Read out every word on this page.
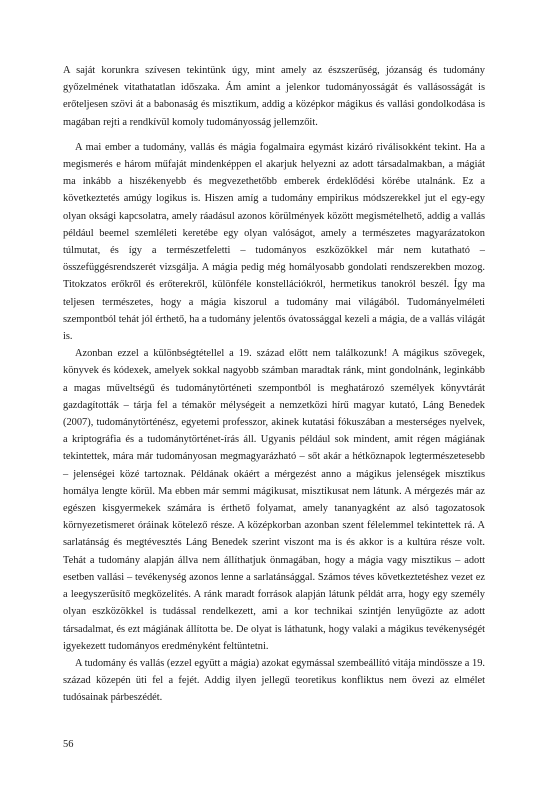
A saját korunkra szívesen tekintünk úgy, mint amely az észszerűség, józanság és tudomány győzelmének vitathatatlan időszaka. Ám amint a jelenkor tudományosságát és vallásosságát is erőteljesen szövi át a babonaság és misztikum, addig a középkor mágikus és vallási gondolkodása is magában rejti a rendkívül komoly tudományosság jellemzőit.

A mai ember a tudomány, vallás és mágia fogalmaira egymást kizáró riválisokként tekint. Ha a megismerés e három műfaját mindenképpen el akarjuk helyezni az adott társadalmakban, a mágiát ma inkább a hiszékenyebb és megvezethetőbb emberek érdeklődési körébe utalnánk. Ez a következtetés amúgy logikus is. Hiszen amíg a tudomány empirikus módszerekkel jut el egy-egy olyan oksági kapcsolatra, amely ráadásul azonos körülmények között megismételhető, addig a vallás például beemel szemléleti keretébe egy olyan valóságot, amely a természetes magyarázatokon túlmutat, és így a természetfeletti – tudományos eszközökkel már nem kutatható – összefüggésrendszerét vizsgálja. A mágia pedig még homályosabb gondolati rendszerekben mozog. Titokzatos erőkről és erőterekről, különféle konstellációkról, hermetikus tanokról beszél. Így ma teljesen természetes, hogy a mágia kiszorul a tudomány mai világából. Tudományelméleti szempontból tehát jól érthető, ha a tudomány jelentős óvatossággal kezeli a mágia, de a vallás világát is.

Azonban ezzel a különbségtétellel a 19. század előtt nem találkozunk! A mágikus szövegek, könyvek és kódexek, amelyek sokkal nagyobb számban maradtak ránk, mint gondolnánk, leginkább a magas műveltségű és tudománytörténeti szempontból is meghatározó személyek könyvtárát gazdagították – tárja fel a témakör mélységeit a nemzetközi hírű magyar kutató, Láng Benedek (2007), tudománytörténész, egyetemi professzor, akinek kutatási fókuszában a mesterséges nyelvek, a kriptográfia és a tudománytörténet-írás áll. Ugyanis például sok mindent, amit régen mágiának tekintettek, mára már tudományosan megmagyarázható – sőt akár a hétköznapok legtermészetesebb – jelenségei közé tartoznak. Példának okáért a mérgezést anno a mágikus jelenségek misztikus homálya lengte körül. Ma ebben már semmi mágikusat, misztikusat nem látunk. A mérgezés már az egészen kisgyermekek számára is érthető folyamat, amely tananyagként az alsó tagozatosok környezetismeret óráinak kötelező része. A középkorban azonban szent félelemmel tekintettek rá. A sarlatánság és megtévesztés Láng Benedek szerint viszont ma is és akkor is a kultúra része volt. Tehát a tudomány alapján állva nem állíthatjuk önmagában, hogy a mágia vagy misztikus – adott esetben vallási – tevékenység azonos lenne a sarlatánsággal. Számos téves következtetéshez vezet ez a leegyszerűsítő megközelítés. A ránk maradt források alapján látunk példát arra, hogy egy személy olyan eszközökkel is tudással rendelkezett, ami a kor technikai szintjén lenyűgözte az adott társadalmat, és ezt mágiának állította be. De olyat is láthatunk, hogy valaki a mágikus tevékenységét igyekezett tudományos eredményként feltüntetni.

A tudomány és vallás (ezzel együtt a mágia) azokat egymással szembeállító vitája mindössze a 19. század közepén üti fel a fejét. Addig ilyen jellegű teoretikus konfliktus nem övezi az elmélet tudósainak párbeszédét.

56
